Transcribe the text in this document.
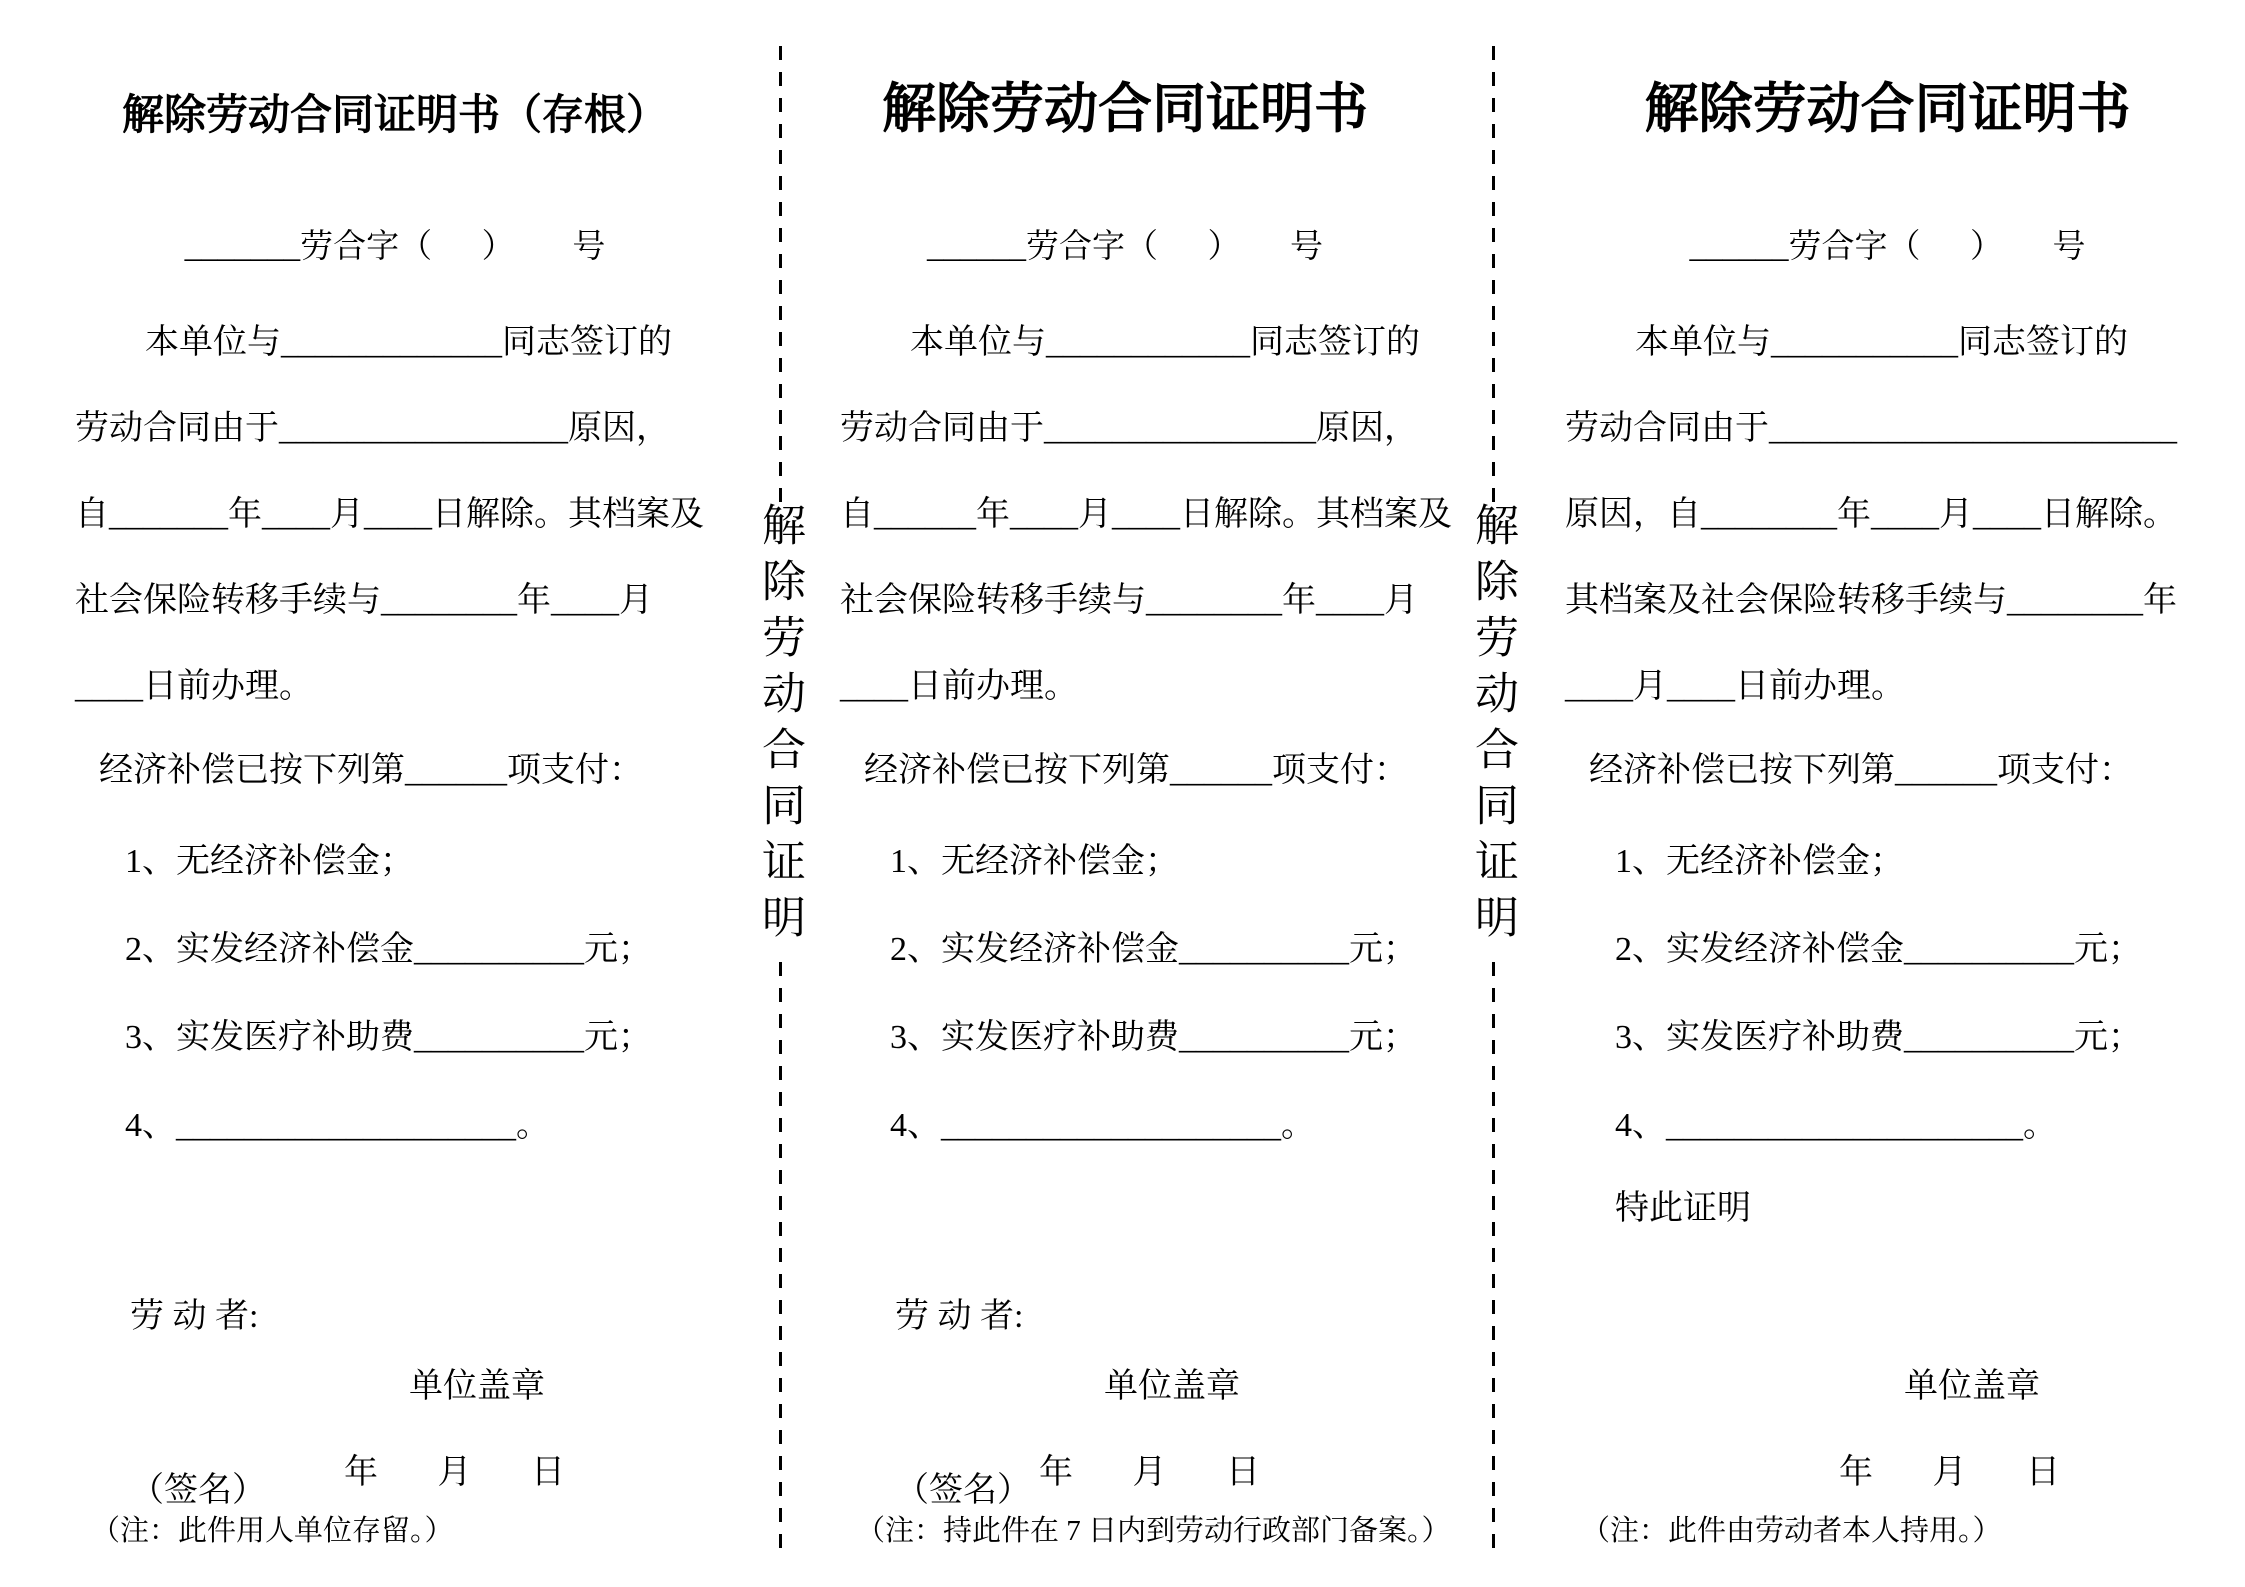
解除劳动合同证明书（存根）
_______劳合字（      ）       号
本单位与_____________同志签订的
劳动合同由于_________________原因，
自_______年____月____日解除。其档案及
社会保险转移手续与________年____月
____日前办理。
经济补偿已按下列第______项支付：
1、无经济补偿金；
2、实发经济补偿金__________元；
3、实发医疗补助费__________元；
4、____________________。

劳 动 者:

（签名）

单位盖章
年       月       日
（注：此件用人单位存留。）
解除劳动合同证明
解除劳动合同证明书
______劳合字（      ）      号
本单位与____________同志签订的
劳动合同由于________________原因，
自______年____月____日解除。其档案及
社会保险转移手续与________年____月
____日前办理。
经济补偿已按下列第______项支付：
1、无经济补偿金；
2、实发经济补偿金__________元；
3、实发医疗补助费__________元；
4、____________________。

劳 动 者:

（签名）

单位盖章
年       月       日
（注：持此件在 7 日内到劳动行政部门备案。）
解除劳动合同证明
解除劳动合同证明书
______劳合字（      ）      号
本单位与___________同志签订的
劳动合同由于________________________
原因，自________年____月____日解除。
其档案及社会保险转移手续与________年
____月____日前办理。
经济补偿已按下列第______项支付：
1、无经济补偿金；
2、实发经济补偿金__________元；
3、实发医疗补助费__________元；
4、_____________________。
特此证明
单位盖章
年       月       日
（注：此件由劳动者本人持用。）
